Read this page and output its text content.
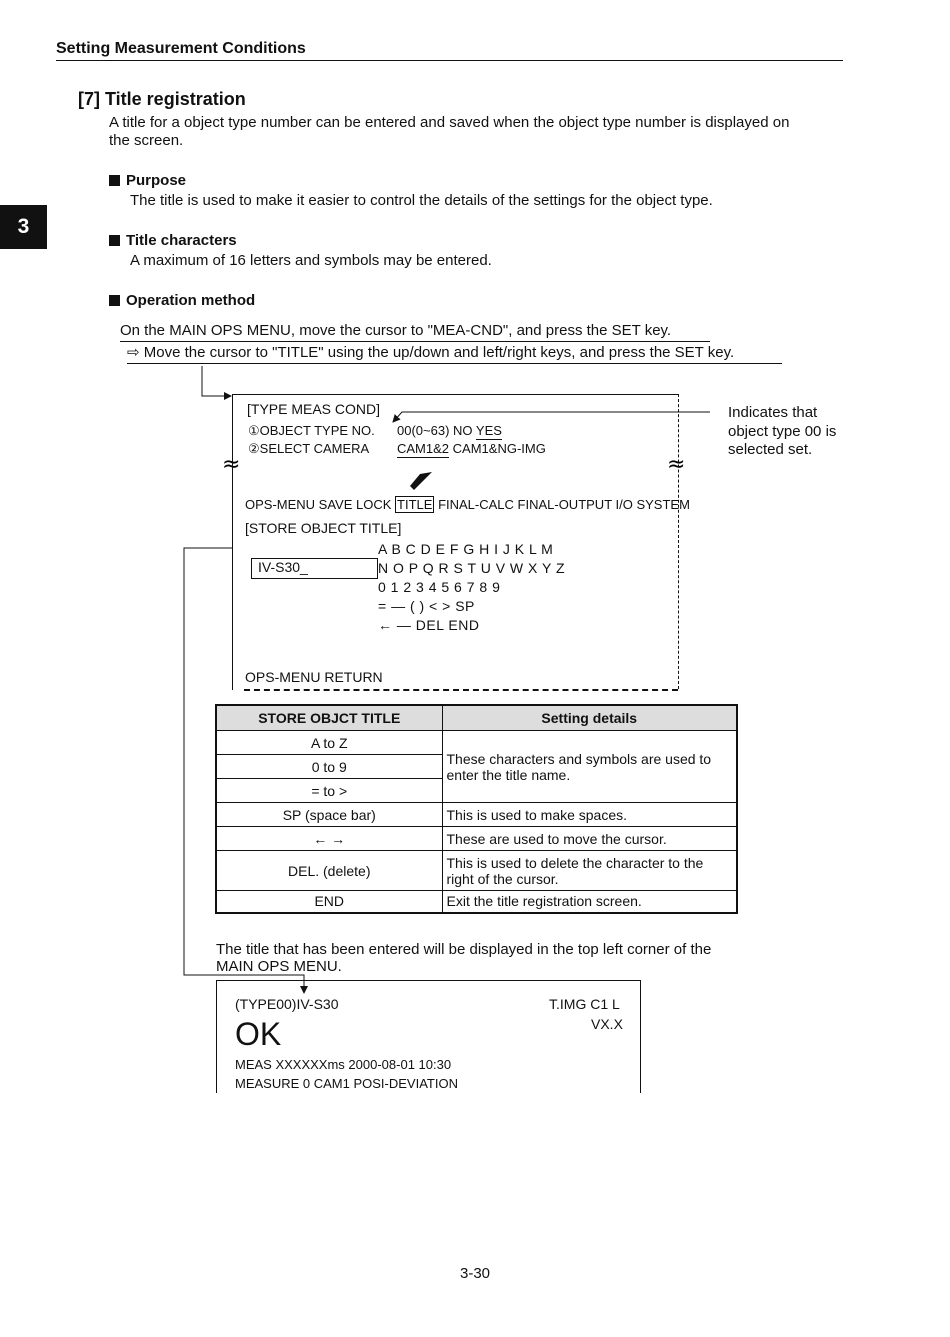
Setting Measurement Conditions
3
[7] Title registration
A title for a object type number can be entered and saved when the object type number is displayed on
the screen.
Purpose
The title is used to make it easier to control the details of the settings for the object type.
Title characters
A maximum of 16 letters and symbols may be entered.
Operation method
On the MAIN OPS MENU, move the cursor to "MEA-CND", and press the SET key.
⇨ Move the cursor to "TITLE" using the up/down and left/right keys, and press the SET key.
≈	≈
[TYPE MEAS COND]
①OBJECT TYPE NO. 00(0~63) NO YES
②SELECT CAMERA CAM1&2 CAM1&NG-IMG
OPS-MENU SAVE LOCK TITLE FINAL-CALC FINAL-OUTPUT I/O SYSTEM
[STORE OBJECT TITLE]
IV-S30_
A B C D E F G H I J K L M
N O P Q R S T U V W X Y Z
0 1 2 3 4 5 6 7 8 9
= — ( ) < > SP
← — DEL END
OPS-MENU RETURN
Indicates that
object type 00 is
selected set.
STORE OBJCT TITLE	Setting details
A to Z	These characters and symbols are used to enter the title name.
0 to 9	
= to >	
SP (space bar)	This is used to make spaces.
← →	These are used to move the cursor.
DEL. (delete)	This is used to delete the character to the right of the cursor.
END	Exit the title registration screen.
The title that has been entered will be displayed in the top left corner of the
MAIN OPS MENU.
(TYPE00)IV-S30	T.IMG C1 L
VX.X
OK
MEAS XXXXXXms 2000-08-01 10:30
MEASURE 0 CAM1 POSI-DEVIATION
3-30
